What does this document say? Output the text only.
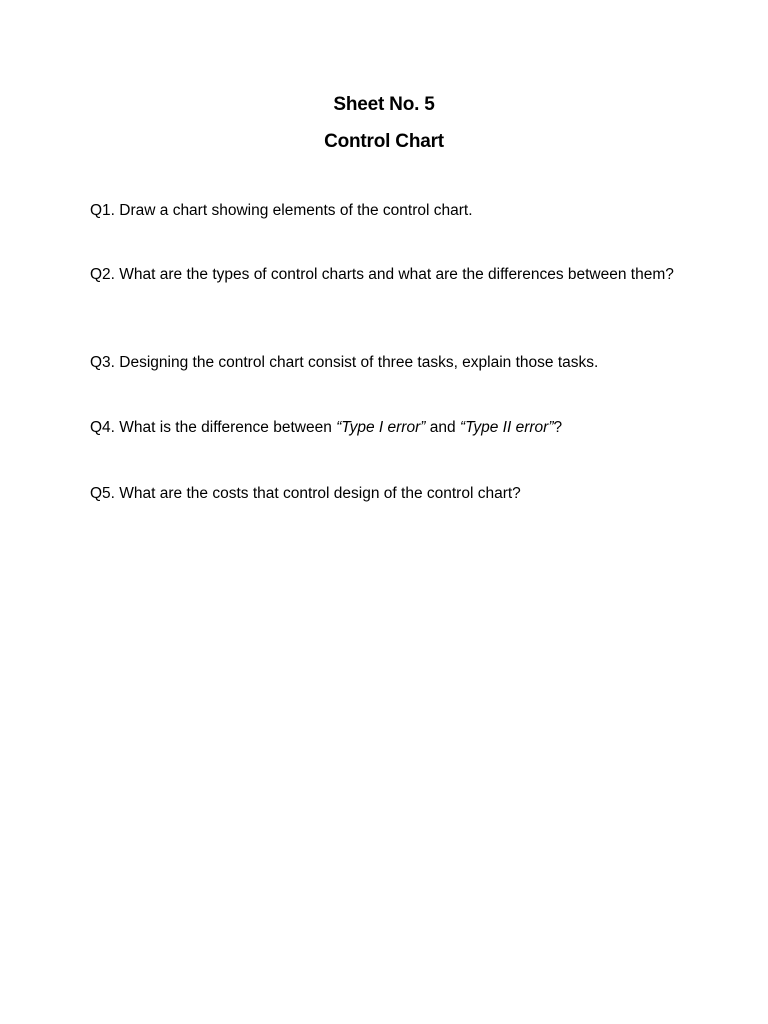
Sheet No. 5
Control Chart

Q1. Draw a chart showing elements of the control chart.

Q2. What are the types of control charts and what are the differences between them?

Q3. Designing the control chart consist of three tasks, explain those tasks.

Q4. What is the difference between “Type I error” and “Type II error”?

Q5. What are the costs that control design of the control chart?
